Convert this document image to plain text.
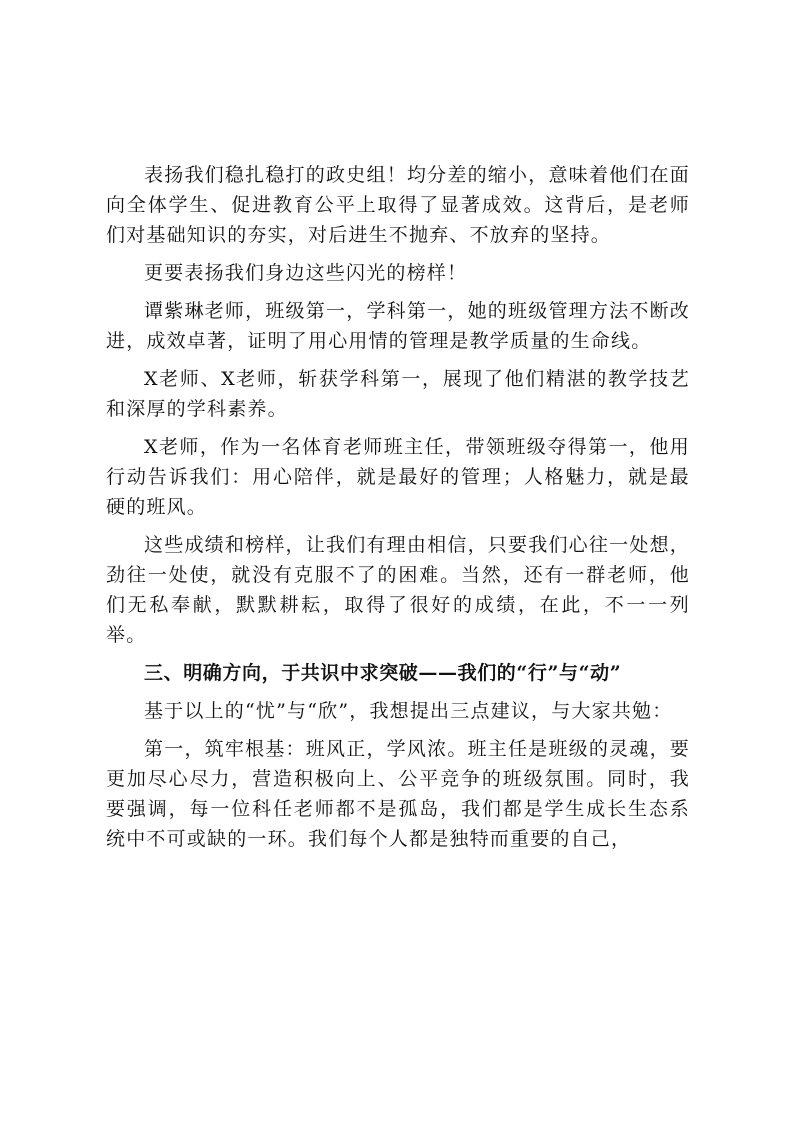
表扬我们稳扎稳打的政史组！均分差的缩小，意味着他们在面向全体学生、促进教育公平上取得了显著成效。这背后，是老师们对基础知识的夯实，对后进生不抛弃、不放弃的坚持。

更要表扬我们身边这些闪光的榜样！

谭紫琳老师，班级第一，学科第一，她的班级管理方法不断改进，成效卓著，证明了用心用情的管理是教学质量的生命线。

X老师、X老师，斩获学科第一，展现了他们精湛的教学技艺和深厚的学科素养。

X老师，作为一名体育老师班主任，带领班级夺得第一，他用行动告诉我们：用心陪伴，就是最好的管理；人格魅力，就是最硬的班风。

这些成绩和榜样，让我们有理由相信，只要我们心往一处想，劲往一处使，就没有克服不了的困难。当然，还有一群老师，他们无私奉献，默默耕耘，取得了很好的成绩，在此，不一一列举。

三、明确方向，于共识中求突破——我们的“行”与“动”

基于以上的“忧”与“欣”，我想提出三点建议，与大家共勉：

第一，筑牢根基：班风正，学风浓。班主任是班级的灵魂，要更加尽心尽力，营造积极向上、公平竞争的班级氛围。同时，我要强调，每一位科任老师都不是孤岛，我们都是学生成长生态系统中不可或缺的一环。我们每个人都是独特而重要的自己，
